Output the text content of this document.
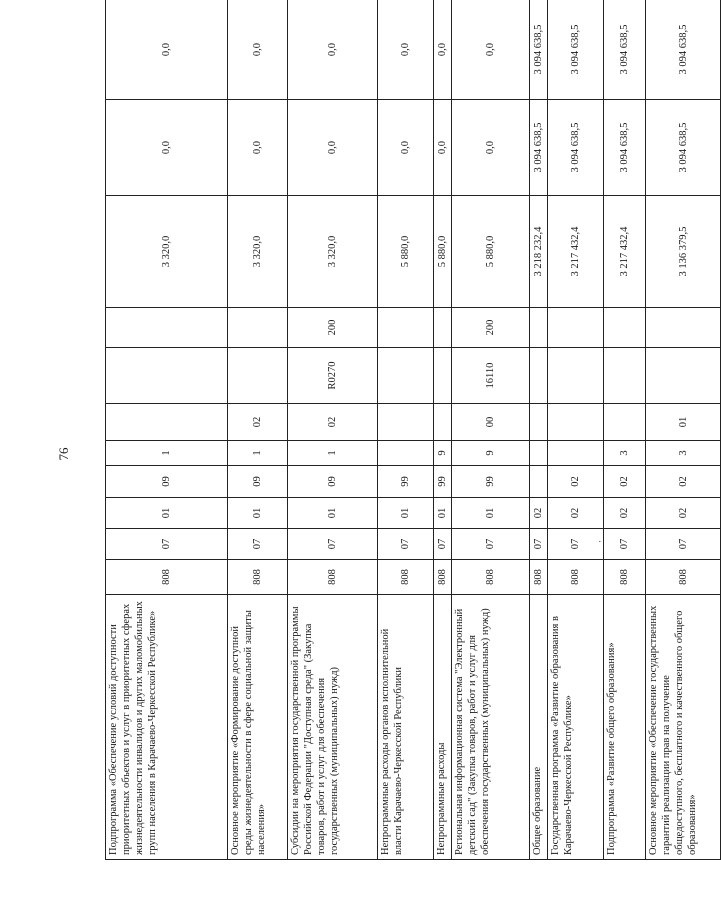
76
Подпрограмма «Обеспечение условий доступности приоритетных объектов и услуг в приоритетных сферах жизнедеятельности инвалидов и других маломобильных групп населения в Карачаево-Черкесской Республике»	808	07	01	09	1				3 320,0	0,0	0,0
Основное мероприятие «Формирование доступной среды жизнедеятельности в сфере социальной защиты населения»	808	07	01	09	1	02			3 320,0	0,0	0,0
Субсидии на мероприятия государственной программы Российской Федерации "Доступная среда" (Закупка товаров, работ и услуг для обеспечения государственных (муниципальных) нужд)	808	07	01	09	1	02	R0270	200	3 320,0	0,0	0,0
Непрограммные расходы органов исполнительной власти Карачаево-Черкесской Республики	808	07	01	99					5 880,0	0,0	0,0
Непрограммные расходы	808	07	01	99	9				5 880,0	0,0	0,0
Региональная информационная система "Электронный детский сад" (Закупка товаров, работ и услуг для обеспечения государственных (муниципальных) нужд)	808	07	01	99	9	00	16110	200	5 880,0	0,0	0,0
Общее образование	808	07	02						3 218 232,4	3 094 638,5	3 094 638,5
Государственная программа «Развитие образования в Карачаево-Черкесской Республике»	808	07	02	02					3 217 432,4	3 094 638,5	3 094 638,5
Подпрограмма «Развитие общего образования»	808	07	02	02	3				3 217 432,4	3 094 638,5	3 094 638,5
Основное мероприятие «Обеспечение государственных гарантий реализации прав на получение общедоступного, бесплатного и качественного общего образования»	808	07	02	02	3	01			3 136 379,5	3 094 638,5	3 094 638,5
·
